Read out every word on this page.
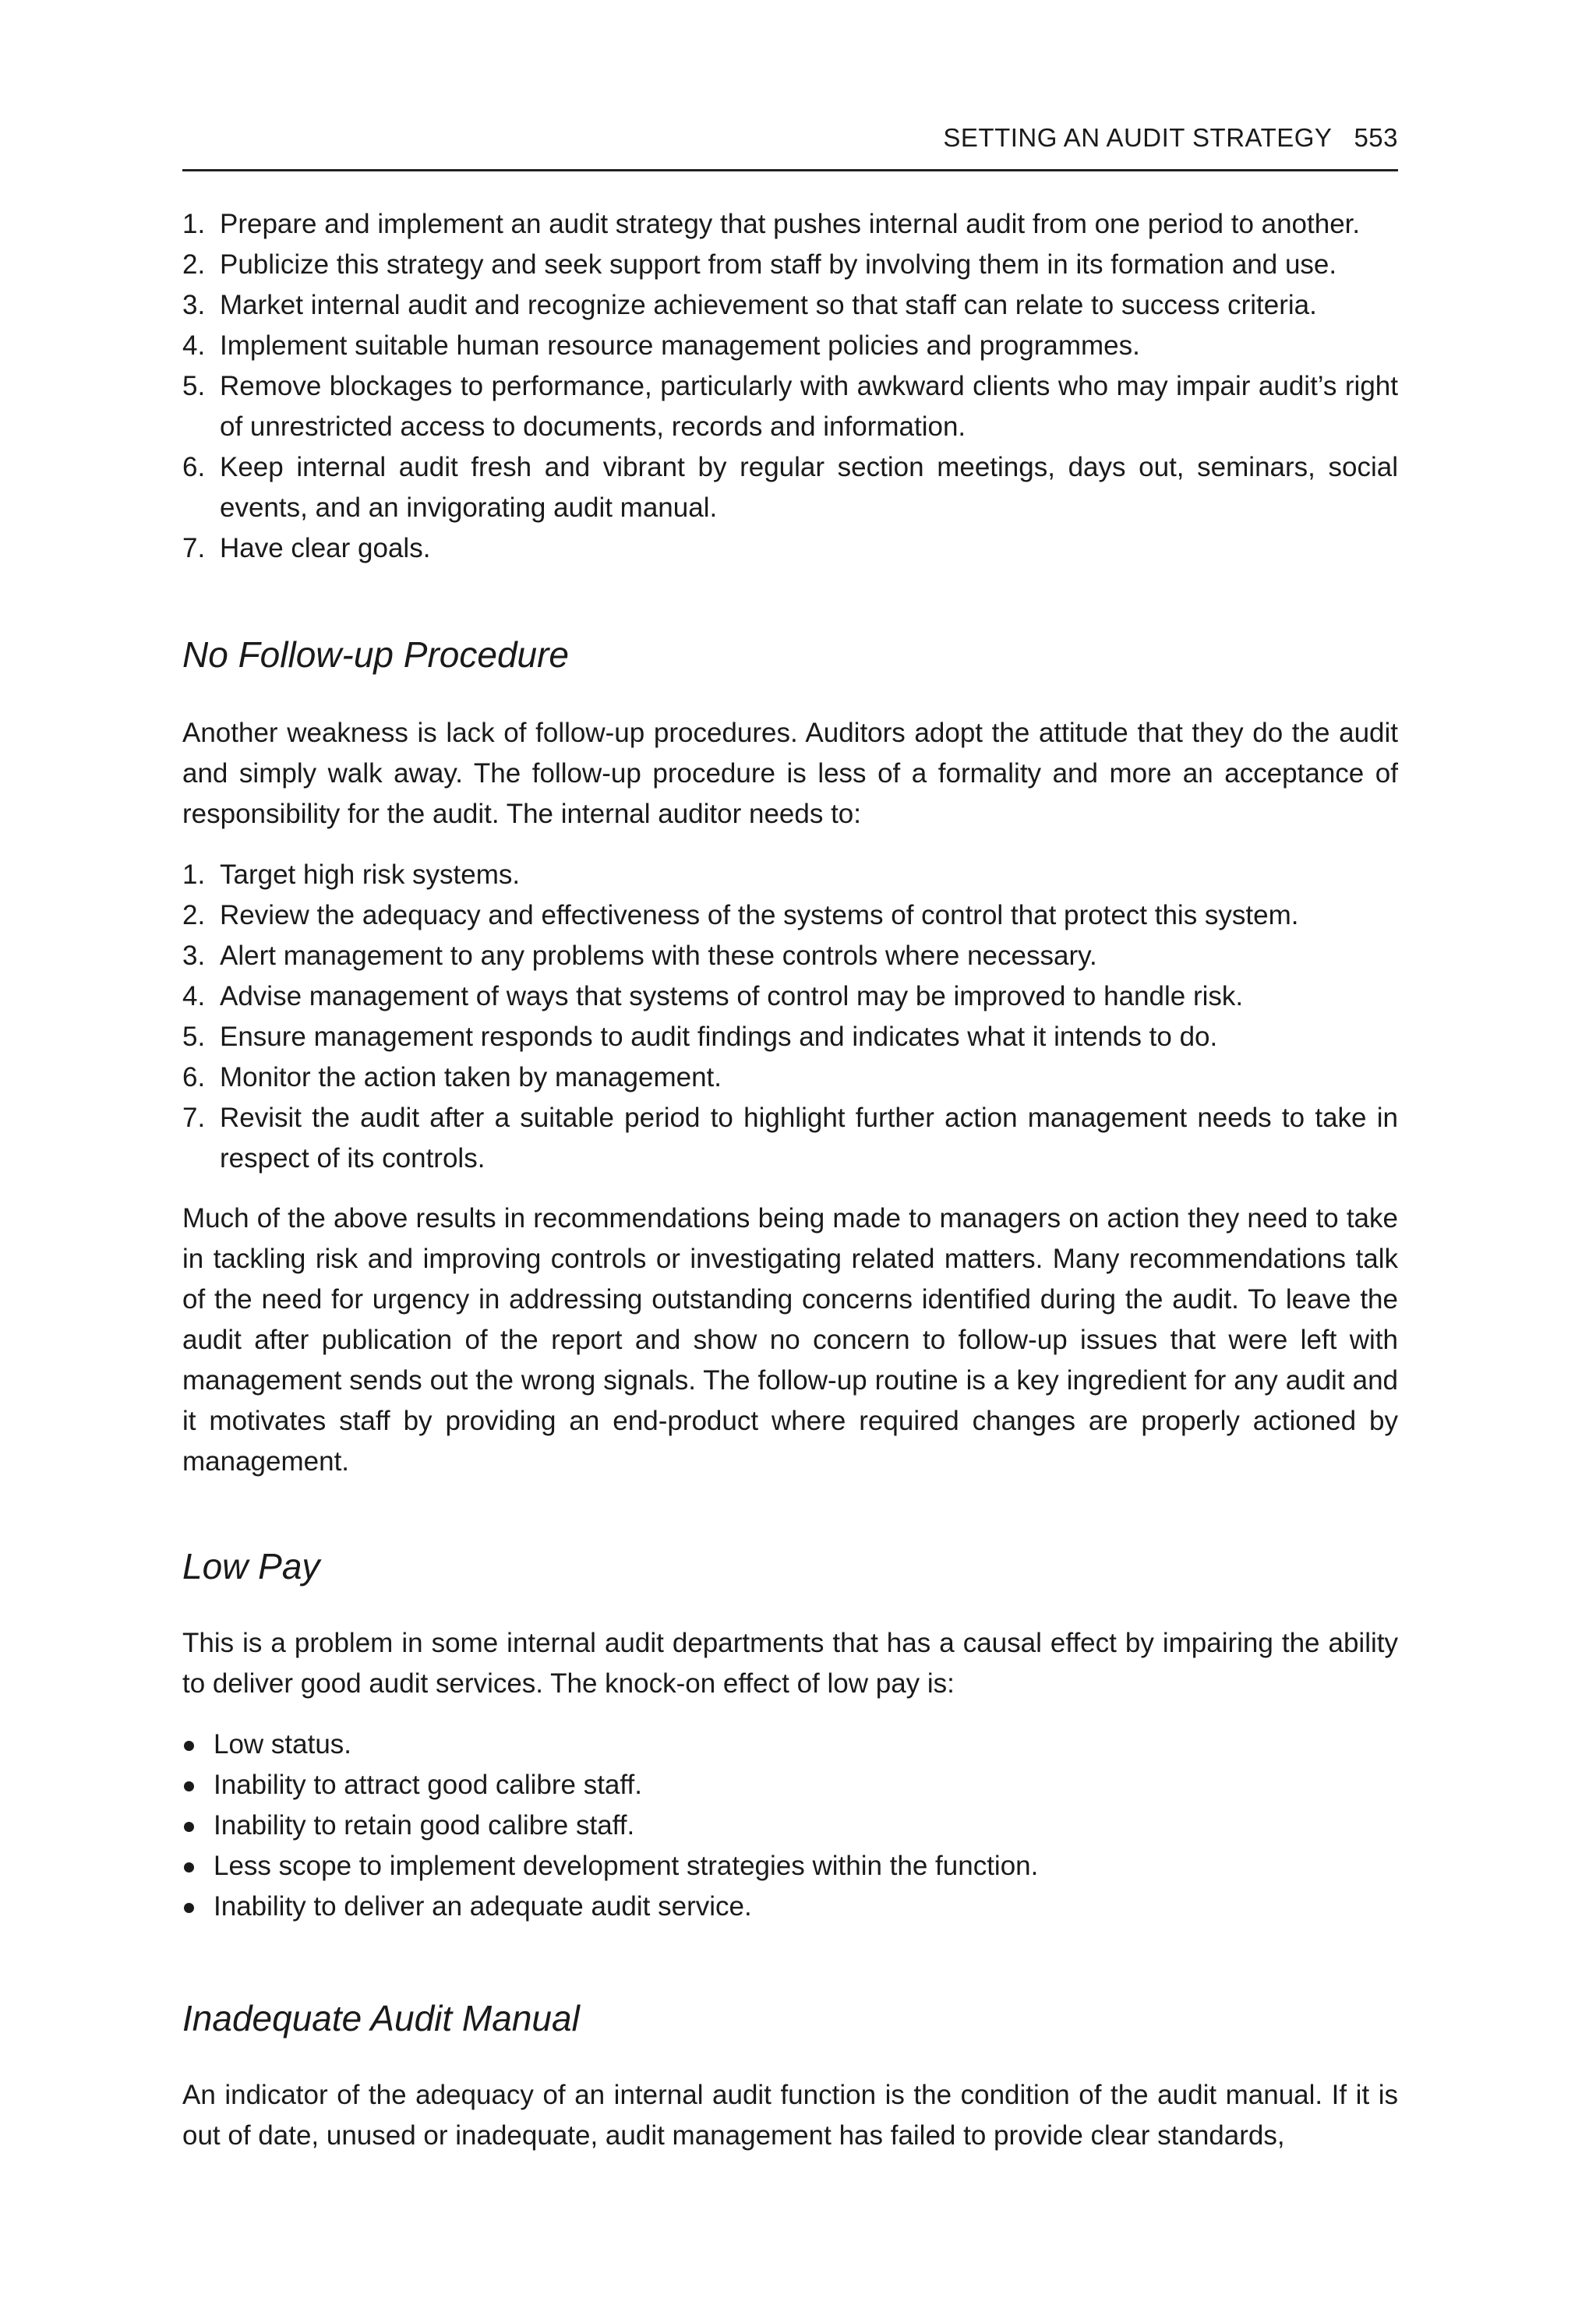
SETTING AN AUDIT STRATEGY 553
1. Prepare and implement an audit strategy that pushes internal audit from one period to another.
2. Publicize this strategy and seek support from staff by involving them in its formation and use.
3. Market internal audit and recognize achievement so that staff can relate to success criteria.
4. Implement suitable human resource management policies and programmes.
5. Remove blockages to performance, particularly with awkward clients who may impair audit’s right of unrestricted access to documents, records and information.
6. Keep internal audit fresh and vibrant by regular section meetings, days out, seminars, social events, and an invigorating audit manual.
7. Have clear goals.
No Follow-up Procedure

Another weakness is lack of follow-up procedures. Auditors adopt the attitude that they do the audit and simply walk away. The follow-up procedure is less of a formality and more an acceptance of responsibility for the audit. The internal auditor needs to:

1. Target high risk systems.
2. Review the adequacy and effectiveness of the systems of control that protect this system.
3. Alert management to any problems with these controls where necessary.
4. Advise management of ways that systems of control may be improved to handle risk.
5. Ensure management responds to audit findings and indicates what it intends to do.
6. Monitor the action taken by management.
7. Revisit the audit after a suitable period to highlight further action management needs to take in respect of its controls.

Much of the above results in recommendations being made to managers on action they need to take in tackling risk and improving controls or investigating related matters. Many recommendations talk of the need for urgency in addressing outstanding concerns identified during the audit. To leave the audit after publication of the report and show no concern to follow-up issues that were left with management sends out the wrong signals. The follow-up routine is a key ingredient for any audit and it motivates staff by providing an end-product where required changes are properly actioned by management.

Low Pay

This is a problem in some internal audit departments that has a causal effect by impairing the ability to deliver good audit services. The knock-on effect of low pay is:

Low status.
Inability to attract good calibre staff.
Inability to retain good calibre staff.
Less scope to implement development strategies within the function.
Inability to deliver an adequate audit service.
Inadequate Audit Manual

An indicator of the adequacy of an internal audit function is the condition of the audit manual. If it is out of date, unused or inadequate, audit management has failed to provide clear standards,
